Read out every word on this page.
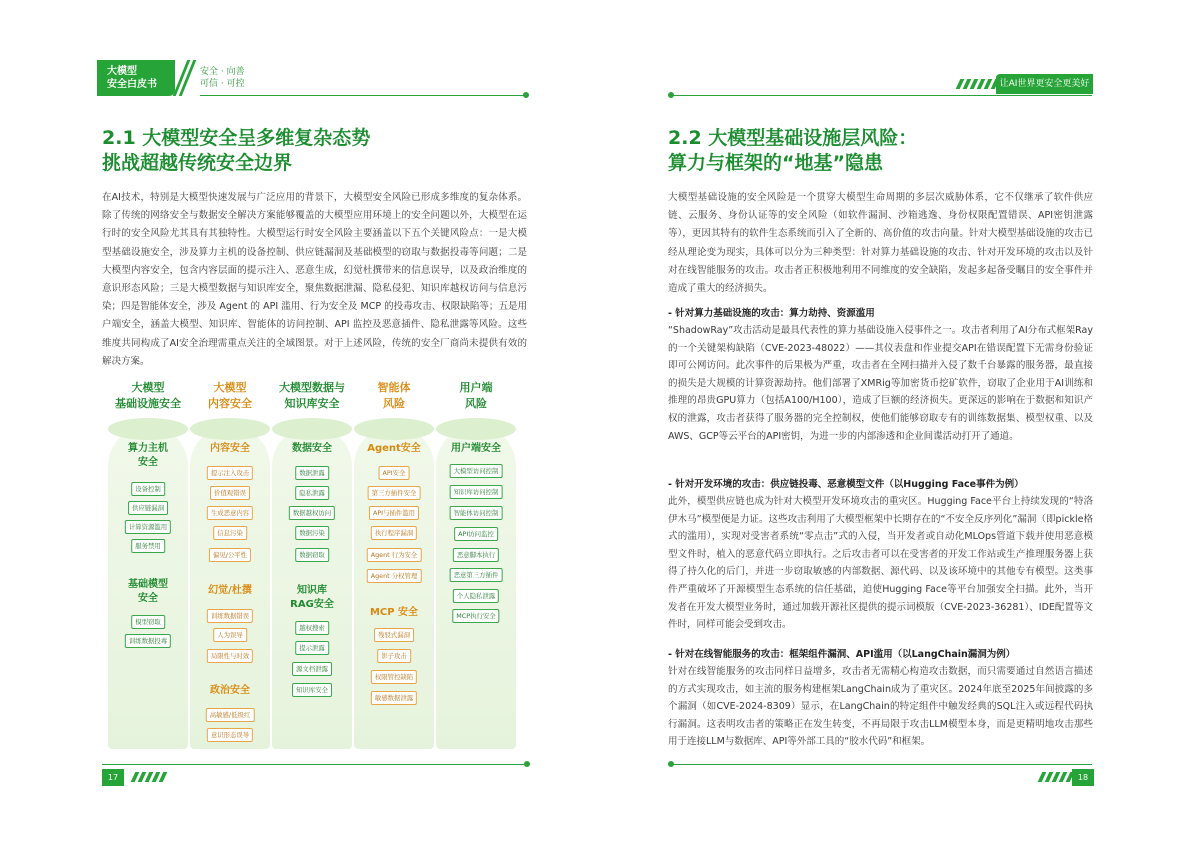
大模型
安全白皮书
安全 · 向善
可信 · 可控
2.1 大模型安全呈多维复杂态势
挑战超越传统安全边界

在AI技术，特别是大模型快速发展与广泛应用的背景下，大模型安全风险已形成多维度的复杂体系。除了传统的网络安全与数据安全解决方案能够覆盖的大模型应用环境上的安全问题以外，大模型在运行时的安全风险尤其具有其独特性。大模型运行时安全风险主要涵盖以下五个关键风险点：一是大模型基础设施安全，涉及算力主机的设备控制、供应链漏洞及基础模型的窃取与数据投毒等问题；二是大模型内容安全，包含内容层面的提示注入、恶意生成，幻觉杜撰带来的信息误导，以及政治维度的意识形态风险；三是大模型数据与知识库安全，聚焦数据泄漏、隐私侵犯、知识库越权访问与信息污染；四是智能体安全，涉及 Agent 的 API 滥用、行为安全及 MCP 的投毒攻击、权限缺陷等；五是用户端安全，涵盖大模型、知识库、智能体的访问控制、API 监控及恶意插件、隐私泄露等风险。这些维度共同构成了AI安全治理需重点关注的全域图景。对于上述风险，传统的安全厂商尚未提供有效的解决方案。

大模型
基础设施安全
算力主机
安全
设备控制
供应链漏洞
计算资源滥用
服务禁用
基础模型
安全
模型窃取
训练数据投毒
大模型
内容安全
内容安全
提示注入攻击
价值观错误
生成恶意内容
信息污染
偏见/公平性
幻觉/杜撰
训练数据错误
人为误导
局限性与时效
政治安全
高敏感/低级红
意识形态误导
大模型数据与
知识库安全
数据安全
数据泄露
隐私泄露
数据越权访问
数据污染
数据窃取
知识库
RAG安全
越权搜索
提示泄露
源文档泄露
知识库安全
智能体
风险
Agent安全
API安全
第三方插件安全
API与插件滥用
执行程序漏洞
Agent 行为安全
Agent 分权管理
MCP 安全
残驳式漏洞
影子攻击
权限管控缺陷
敏感数据泄露
用户端
风险
用户端安全
大模型访问控制
知识库访问控制
智能体访问控制
API访问监控
恶意脚本执行
恶意第三方插件
个人隐私泄露
MCP执行安全
17
让AI世界更安全更美好
2.2 大模型基础设施层风险：
算力与框架的“地基”隐患

大模型基础设施的安全风险是一个贯穿大模型生命周期的多层次威胁体系，它不仅继承了软件供应链、云服务、身份认证等的安全风险（如软件漏洞、沙箱逃逸、身份权限配置错误、API密钥泄露等），更因其特有的软件生态系统而引入了全新的、高价值的攻击向量。针对大模型基础设施的攻击已经从理论变为现实，具体可以分为三种类型：针对算力基础设施的攻击、针对开发环境的攻击以及针对在线智能服务的攻击。攻击者正积极地利用不同维度的安全缺陷，发起多起备受瞩目的安全事件并造成了重大的经济损失。

- 针对算力基础设施的攻击：算力劫持、资源滥用

“ShadowRay”攻击活动是最具代表性的算力基础设施入侵事件之一。攻击者利用了AI分布式框架Ray的一个关键架构缺陷（CVE-2023-48022）——其仪表盘和作业提交API在错误配置下无需身份验证即可公网访问。此次事件的后果极为严重，攻击者在全网扫描并入侵了数千台暴露的服务器，最直接的损失是大规模的计算资源劫持。他们部署了XMRig等加密货币挖矿软件，窃取了企业用于AI训练和推理的昂贵GPU算力（包括A100/H100），造成了巨额的经济损失。更深远的影响在于数据和知识产权的泄露，攻击者获得了服务器的完全控制权，使他们能够窃取专有的训练数据集、模型权重、以及AWS、GCP等云平台的API密钥，为进一步的内部渗透和企业间谍活动打开了通道。

- 针对开发环境的攻击：供应链投毒、恶意模型文件（以Hugging Face事件为例）

此外，模型供应链也成为针对大模型开发环境攻击的重灾区。Hugging Face平台上持续发现的“特洛伊木马”模型便是力证。这些攻击利用了大模型框架中长期存在的“不安全反序列化”漏洞（即pickle格式的滥用），实现对受害者系统“零点击”式的入侵，当开发者或自动化MLOps管道下载并使用恶意模型文件时，植入的恶意代码立即执行。之后攻击者可以在受害者的开发工作站或生产推理服务器上获得了持久化的后门，并进一步窃取敏感的内部数据、源代码、以及该环境中的其他专有模型。这类事件严重破坏了开源模型生态系统的信任基础，迫使Hugging Face等平台加强安全扫描。此外，当开发者在开发大模型业务时，通过加载开源社区提供的提示词模版（CVE-2023-36281）、IDE配置等文件时，同样可能会受到攻击。

- 针对在线智能服务的攻击：框架组件漏洞、API滥用（以LangChain漏洞为例）

针对在线智能服务的攻击同样日益增多，攻击者无需精心构造攻击数据，而只需要通过自然语言描述的方式实现攻击，如主流的服务构建框架LangChain成为了重灾区。2024年底至2025年间披露的多个漏洞（如CVE-2024-8309）显示，在LangChain的特定组件中触发经典的SQL注入或远程代码执行漏洞。这表明攻击者的策略正在发生转变，不再局限于攻击LLM模型本身，而是更精明地攻击那些用于连接LLM与数据库、API等外部工具的“胶水代码”和框架。

18
